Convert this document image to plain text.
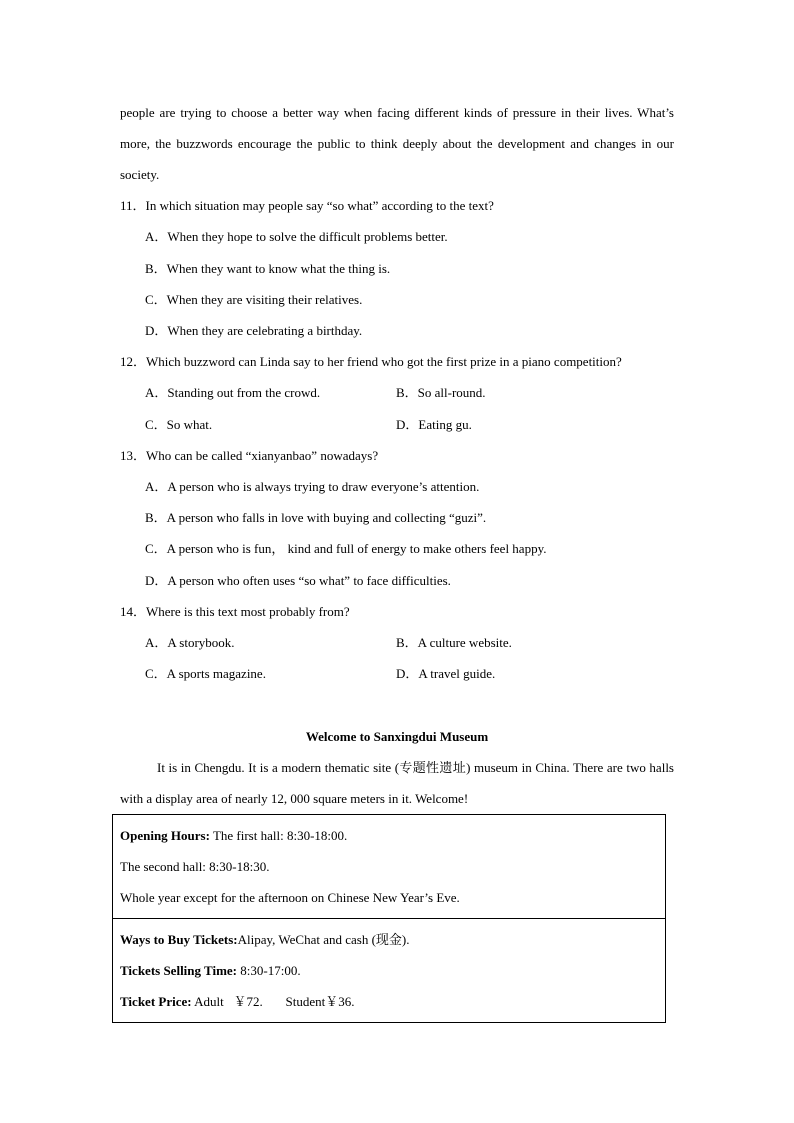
people are trying to choose a better way when facing different kinds of pressure in their lives. What’s more, the buzzwords encourage the public to think deeply about the development and changes in our society.
11．In which situation may people say “so what” according to the text?
A．When they hope to solve the difficult problems better.
B．When they want to know what the thing is.
C．When they are visiting their relatives.
D．When they are celebrating a birthday.
12．Which buzzword can Linda say to her friend who got the first prize in a piano competition?
A．Standing out from the crowd.	B．So all-round.
C．So what.	D．Eating gu.
13．Who can be called “xianyanbao” nowadays?
A．A person who is always trying to draw everyone’s attention.
B．A person who falls in love with buying and collecting “guzi”.
C．A person who is fun， kind and full of energy to make others feel happy.
D．A person who often uses “so what” to face difficulties.
14．Where is this text most probably from?
A．A storybook.	B．A culture website.
C．A sports magazine.	D．A travel guide.
Welcome to Sanxingdui Museum
It is in Chengdu. It is a modern thematic site (专题性遗址) museum in China. There are two halls with a display area of nearly 12, 000 square meters in it. Welcome!
Opening Hours: The first hall: 8:30-18:00.
The second hall: 8:30-18:30.
Whole year except for the afternoon on Chinese New Year’s Eve.
Ways to Buy Tickets:Alipay, WeChat and cash (现金).
Tickets Selling Time: 8:30-17:00.
Ticket Price: Adult   ￥72.       Student￥36.
